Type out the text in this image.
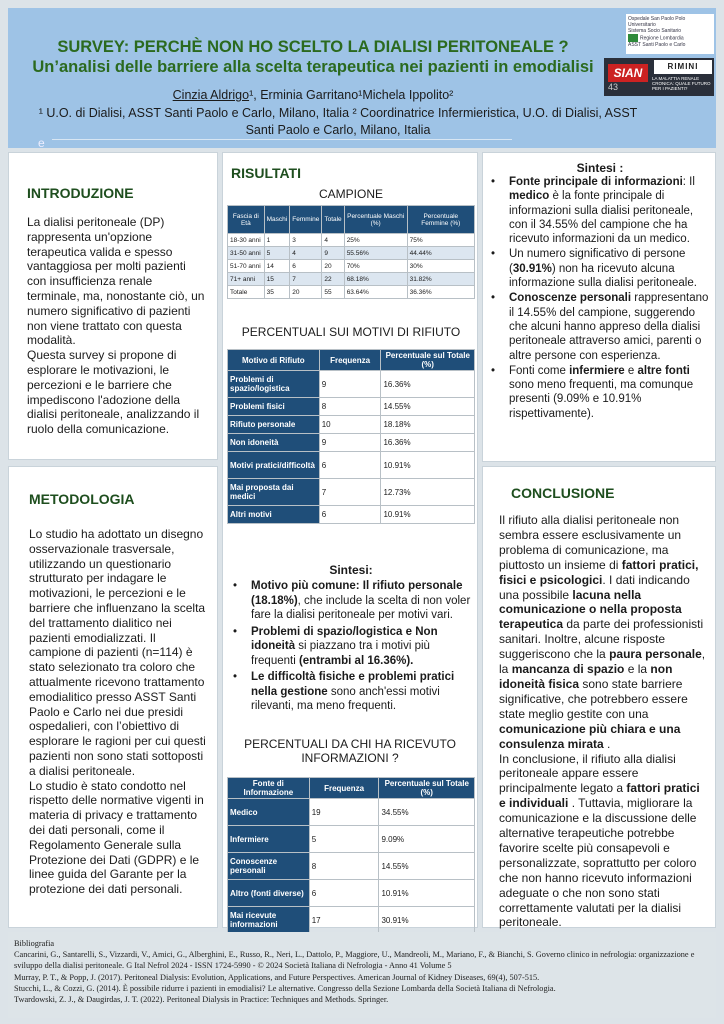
SURVEY: PERCHÈ NON HO SCELTO LA DIALISI PERITONEALE ?
Un’analisi delle barriere alla scelta terapeutica nei pazienti in emodialisi
Cinzia Aldrigo¹, Erminia Garritano¹Michela Ippolito²
¹ U.O. di Dialisi, ASST Santi Paolo e Carlo, Milano, Italia ² Coordinatrice Infermieristica, U.O. di Dialisi, ASST Santi Paolo e Carlo, Milano, Italia
e
Ospedale San Paolo Polo Universitario
Sistema Socio Sanitario
Regione Lombardia
ASST Santi Paolo e Carlo
SIAN	RIMINI
43
LA MALATTIA RENALE CRONICA: QUALE FUTURO PER I PAZIENTI?
INTRODUZIONE
La dialisi peritoneale (DP) rappresenta un'opzione terapeutica valida e spesso vantaggiosa per molti pazienti con insufficienza renale terminale, ma, nonostante ciò, un numero significativo di pazienti non viene trattato con questa modalità.
Questa survey si propone di esplorare le motivazioni, le percezioni e le barriere che impediscono l'adozione della dialisi peritoneale, analizzando il ruolo della comunicazione.
METODOLOGIA
Lo studio ha adottato un disegno osservazionale trasversale, utilizzando un questionario strutturato per indagare le motivazioni, le percezioni e le barriere che influenzano la scelta del trattamento dialitico nei pazienti emodializzati. Il campione di pazienti (n=114) è stato selezionato tra coloro che attualmente ricevono trattamento emodialitico presso ASST Santi Paolo e Carlo nei due presidi ospedalieri, con l’obiettivo di esplorare le ragioni per cui questi pazienti non sono stati sottoposti a dialisi peritoneale.
Lo studio è stato condotto nel rispetto delle normative vigenti in materia di privacy e trattamento dei dati personali, come il Regolamento Generale sulla Protezione dei Dati (GDPR) e le linee guida del Garante per la protezione dei dati personali.
RISULTATI
CAMPIONE
Fascia di Età	Maschi	Femmine	Totale	Percentuale Maschi (%)	Percentuale Femmine (%)
18-30 anni	1	3	4	25%	75%
31-50 anni	5	4	9	55.56%	44.44%
51-70 anni	14	6	20	70%	30%
71+ anni	15	7	22	68.18%	31.82%
Totale	35	20	55	63.64%	36.36%
PERCENTUALI SUI MOTIVI DI RIFIUTO
Motivo di Rifiuto	Frequenza	Percentuale sul Totale (%)
Problemi di spazio/logistica	9	16.36%
Problemi fisici	8	14.55%
Rifiuto personale	10	18.18%
Non idoneità	9	16.36%
Motivi pratici/difficoltà	6	10.91%
Mai proposta dai medici	7	12.73%
Altri motivi	6	10.91%
Sintesi:
• Motivo più comune: Il rifiuto personale (18.18%), che include la scelta di non voler fare la dialisi peritoneale per motivi vari.
• Problemi di spazio/logistica e Non idoneità si piazzano tra i motivi più frequenti (entrambi al 16.36%).
• Le difficoltà fisiche e problemi pratici nella gestione sono anch'essi motivi rilevanti, ma meno frequenti.
PERCENTUALI DA CHI HA RICEVUTO INFORMAZIONI ?
Fonte di Informazione	Frequenza	Percentuale sul Totale (%)
Medico	19	34.55%
Infermiere	5	9.09%
Conoscenze personali	8	14.55%
Altro (fonti diverse)	6	10.91%
Mai ricevute informazioni	17	30.91%
Sintesi :
• Fonte principale di informazioni: Il medico è la fonte principale di informazioni sulla dialisi peritoneale, con il 34.55% del campione che ha ricevuto informazioni da un medico.
• Un numero significativo di persone (30.91%) non ha ricevuto alcuna informazione sulla dialisi peritoneale.
• Conoscenze personali rappresentano il 14.55% del campione, suggerendo che alcuni hanno appreso della dialisi peritoneale attraverso amici, parenti o altre persone con esperienza.
• Fonti come infermiere e altre fonti sono meno frequenti, ma comunque presenti (9.09% e 10.91% rispettivamente).
CONCLUSIONE
Il rifiuto alla dialisi peritoneale non sembra essere esclusivamente un problema di comunicazione, ma piuttosto un insieme di fattori pratici, fisici e psicologici. I dati indicando una possibile lacuna nella comunicazione o nella proposta terapeutica da parte dei professionisti sanitari. Inoltre, alcune risposte suggeriscono che la paura personale, la mancanza di spazio e la non idoneità fisica sono state barriere significative, che potrebbero essere state meglio gestite con una comunicazione più chiara e una consulenza mirata .
In conclusione, il rifiuto alla dialisi peritoneale appare essere principalmente legato a fattori pratici e individuali . Tuttavia, migliorare la comunicazione e la discussione delle alternative terapeutiche potrebbe favorire scelte più consapevoli e personalizzate, soprattutto per coloro che non hanno ricevuto informazioni adeguate o che non sono stati correttamente valutati per la dialisi peritoneale.
Bibliografia
Cancarini, G., Santarelli, S., Vizzardi, V., Amici, G., Alberghini, E., Russo, R., Neri, L., Dattolo, P., Maggiore, U., Mandreoli, M., Mariano, F., & Bianchi, S. Governo clinico in nefrologia: organizzazione e sviluppo della dialisi peritoneale. G Ital Nefrol 2024 - ISSN 1724-5990 - © 2024 Società Italiana di Nefrologia - Anno 41 Volume 5
Murray, P. T., & Popp, J. (2017). Peritoneal Dialysis: Evolution, Applications, and Future Perspectives. American Journal of Kidney Diseases, 69(4), 507-515.
Stucchi, L., & Cozzi, G. (2014). È possibile ridurre i pazienti in emodialisi? Le alternative. Congresso della Sezione Lombarda della Società Italiana di Nefrologia.
Twardowski, Z. J., & Daugirdas, J. T. (2022). Peritoneal Dialysis in Practice: Techniques and Methods. Springer.
